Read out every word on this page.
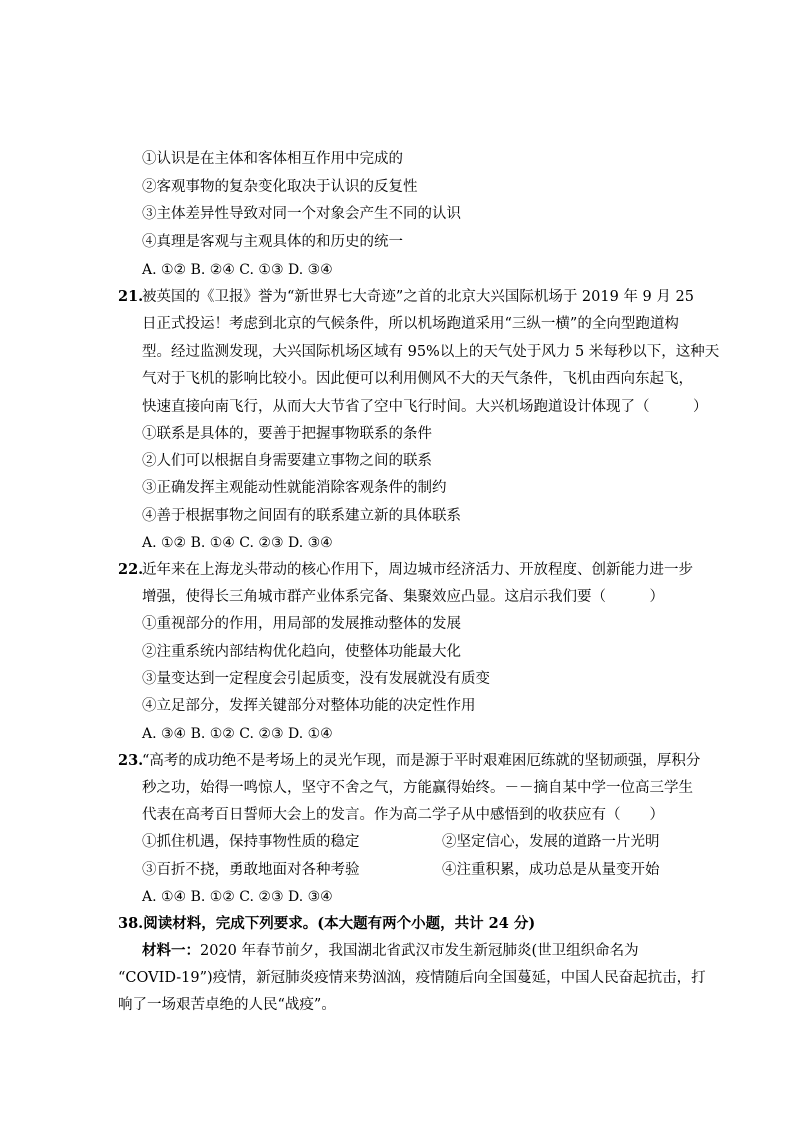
①认识是在主体和客体相互作用中完成的
②客观事物的复杂变化取决于认识的反复性
③主体差异性导致对同一个对象会产生不同的认识
④真理是客观与主观具体的和历史的统一
A. ①② B. ②④ C. ①③ D. ③④
21.
被英国的《卫报》誉为“新世界七大奇迹”之首的北京大兴国际机场于 2019 年 9 月 25
日正式投运！考虑到北京的气候条件，所以机场跑道采用“三纵一横”的全向型跑道构
型。经过监测发现，大兴国际机场区域有 95%以上的天气处于风力 5 米每秒以下，这种天
气对于飞机的影响比较小。因此便可以利用侧风不大的天气条件，飞机由西向东起飞，
快速直接向南飞行，从而大大节省了空中飞行时间。大兴机场跑道设计体现了（　　　）
①联系是具体的，要善于把握事物联系的条件
②人们可以根据自身需要建立事物之间的联系
③正确发挥主观能动性就能消除客观条件的制约
④善于根据事物之间固有的联系建立新的具体联系
A. ①② B. ①④ C. ②③ D. ③④
22.
近年来在上海龙头带动的核心作用下，周边城市经济活力、开放程度、创新能力进一步
增强，使得长三角城市群产业体系完备、集聚效应凸显。这启示我们要（　　　）
①重视部分的作用，用局部的发展推动整体的发展
②注重系统内部结构优化趋向，使整体功能最大化
③量变达到一定程度会引起质变，没有发展就没有质变
④立足部分，发挥关键部分对整体功能的决定性作用
A. ③④ B. ①② C. ②③ D. ①④
23.
“高考的成功绝不是考场上的灵光乍现，而是源于平时艰难困厄练就的坚韧顽强，厚积分
秒之功，始得一鸣惊人，坚守不舍之气，方能赢得始终。－－摘自某中学一位高三学生
代表在高考百日誓师大会上的发言。作为高二学子从中感悟到的收获应有（　　）
①抓住机遇，保持事物性质的稳定	②坚定信心，发展的道路一片光明
③百折不挠，勇敢地面对各种考验	④注重积累，成功总是从量变开始
A. ①④ B. ①② C. ②③ D. ③④
38.阅读材料，完成下列要求。(本大题有两个小题，共计 24 分)
材料一：2020 年春节前夕，我国湖北省武汉市发生新冠肺炎(世卫组织命名为
“COVID-19”)疫情，新冠肺炎疫情来势汹汹，疫情随后向全国蔓延，中国人民奋起抗击，打
响了一场艰苦卓绝的人民“战疫”。
